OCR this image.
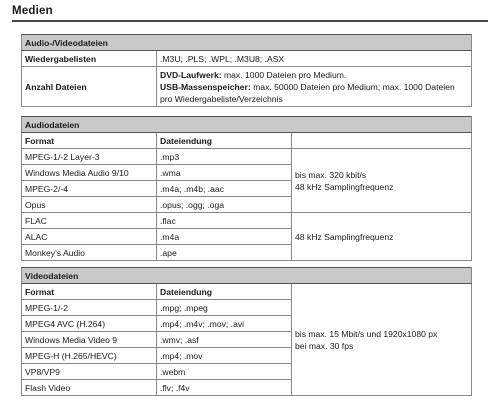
Medien
Audio-/Videodateien	
Wiedergabelisten	.M3U; .PLS; .WPL; .M3U8; .ASX
Anzahl Dateien	DVD-Laufwerk: max. 1000 Dateien pro Medium.
USB-Massenspeicher: max. 50000 Dateien pro Medium; max. 1000 Dateien pro Wiedergabeliste/Verzeichnis
Audiodateien		
Format	Dateiendung	
MPEG-1/-2 Layer-3	.mp3	bis max. 320 kbit/s
48 kHz Samplingfrequenz

Windows Media Audio 9/10	.wma	
MPEG-2/-4	.m4a; .m4b; .aac	
Opus	.opus; .ogg; .oga	
FLAC	.flac	48 kHz Samplingfrequenz
ALAC	.m4a	
Monkey's Audio	.ape	
Videodateien		
Format	Dateiendung	bis max. 15 Mbit/s und 1920x1080 px
bei max. 30 fps

MPEG-1/-2	.mpg; .mpeg	
MPEG4 AVC (H.264)	.mp4; .m4v; .mov; .avi	
Windows Media Video 9	.wmv; .asf	
MPEG-H (H.265/HEVC)	.mp4; .mov	
VP8/VP9	.webm	
Flash Video	.flv; .f4v	
